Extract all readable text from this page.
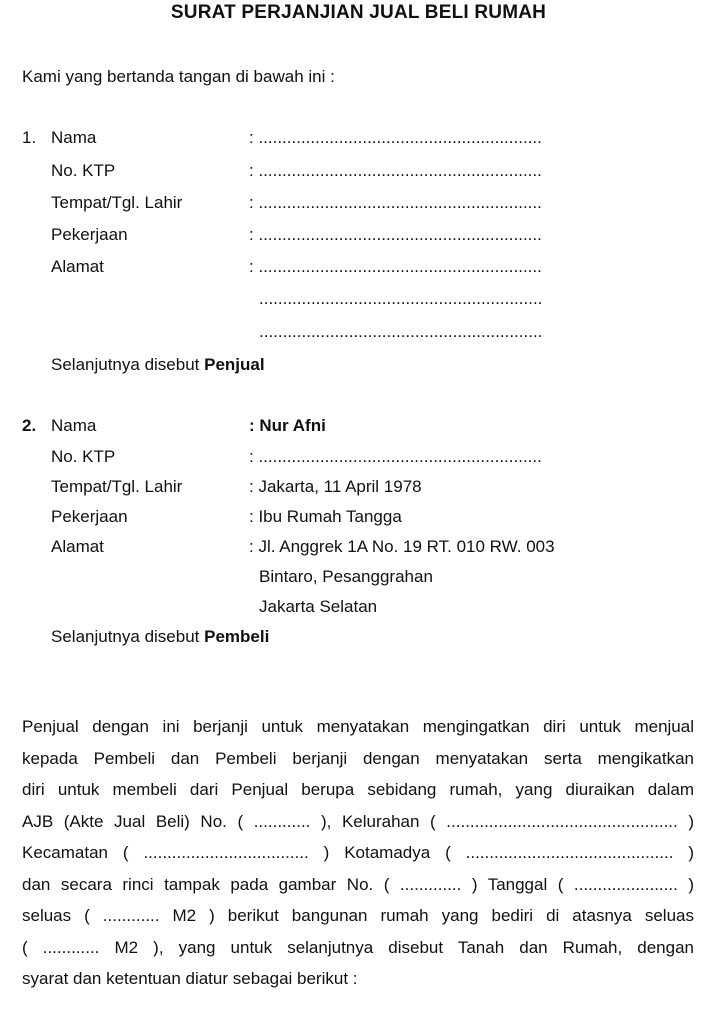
SURAT PERJANJIAN JUAL BELI RUMAH
Kami yang bertanda tangan di bawah ini :
1. Nama	: ............................................................
No. KTP	: ............................................................
Tempat/Tgl. Lahir	: ............................................................
Pekerjaan	: ............................................................
Alamat	: ............................................................
............................................................
............................................................
Selanjutnya disebut Penjual
2. Nama	: Nur Afni
No. KTP	: ............................................................
Tempat/Tgl. Lahir	: Jakarta, 11 April 1978
Pekerjaan	: Ibu Rumah Tangga
Alamat	: Jl. Anggrek 1A No. 19 RT. 010 RW. 003
Bintaro, Pesanggrahan
Jakarta Selatan
Selanjutnya disebut Pembeli
Penjual dengan ini berjanji untuk menyatakan mengingatkan diri untuk menjual
kepada Pembeli dan Pembeli berjanji dengan menyatakan serta mengikatkan
diri untuk membeli dari Penjual berupa sebidang rumah, yang diuraikan dalam
AJB (Akte Jual Beli) No. ( ............ ), Kelurahan ( ................................................. )
Kecamatan ( ................................... ) Kotamadya ( ............................................ )
dan secara rinci tampak pada gambar No. ( ............. ) Tanggal ( ...................... )
seluas ( ............ M2 ) berikut bangunan rumah yang bediri di atasnya seluas
( ............ M2 ), yang untuk selanjutnya disebut Tanah dan Rumah, dengan
syarat dan ketentuan diatur sebagai berikut :
